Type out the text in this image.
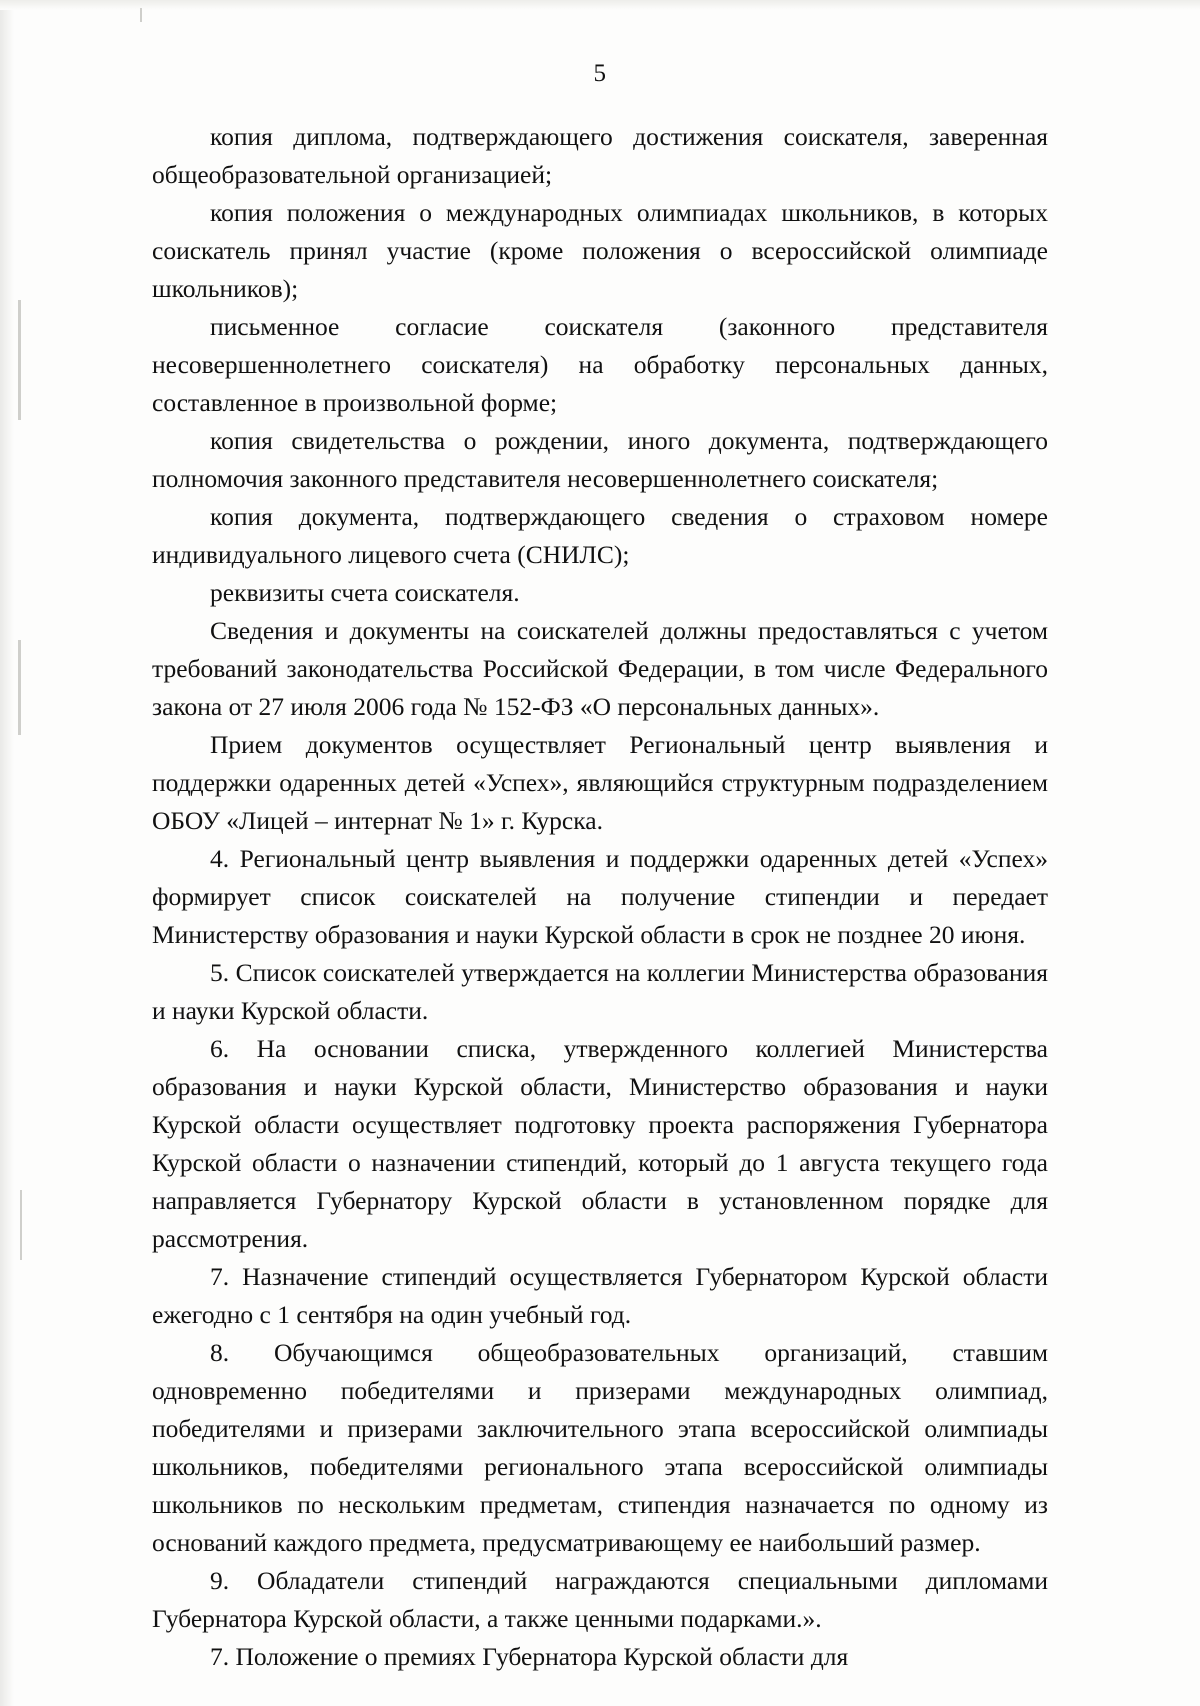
5

копия диплома, подтверждающего достижения соискателя, заверенная общеобразовательной организацией;

копия положения о международных олимпиадах школьников, в которых соискатель принял участие (кроме положения о всероссийской олимпиаде школьников);

письменное согласие соискателя (законного представителя несовершеннолетнего соискателя) на обработку персональных данных, составленное в произвольной форме;

копия свидетельства о рождении, иного документа, подтверждающего полномочия законного представителя несовершеннолетнего соискателя;

копия документа, подтверждающего сведения о страховом номере индивидуального лицевого счета (СНИЛС);

реквизиты счета соискателя.

Сведения и документы на соискателей должны предоставляться с учетом требований законодательства Российской Федерации, в том числе Федерального закона от 27 июля 2006 года № 152-ФЗ «О персональных данных».

Прием документов осуществляет Региональный центр выявления и поддержки одаренных детей «Успех», являющийся структурным подразделением ОБОУ «Лицей – интернат № 1» г. Курска.

4. Региональный центр выявления и поддержки одаренных детей «Успех» формирует список соискателей на получение стипендии и передает Министерству образования и науки Курской области в срок не позднее 20 июня.

5. Список соискателей утверждается на коллегии Министерства образования и науки Курской области.

6. На основании списка, утвержденного коллегией Министерства образования и науки Курской области, Министерство образования и науки Курской области осуществляет подготовку проекта распоряжения Губернатора Курской области о назначении стипендий, который до 1 августа текущего года направляется Губернатору Курской области в установленном порядке для рассмотрения.

7. Назначение стипендий осуществляется Губернатором Курской области ежегодно с 1 сентября на один учебный год.

8. Обучающимся общеобразовательных организаций, ставшим одновременно победителями и призерами международных олимпиад, победителями и призерами заключительного этапа всероссийской олимпиады школьников, победителями регионального этапа всероссийской олимпиады школьников по нескольким предметам, стипендия назначается по одному из оснований каждого предмета, предусматривающему ее наибольший размер.

9. Обладатели стипендий награждаются специальными дипломами Губернатора Курской области, а также ценными подарками.».

7. Положение о премиях Губернатора Курской области для
